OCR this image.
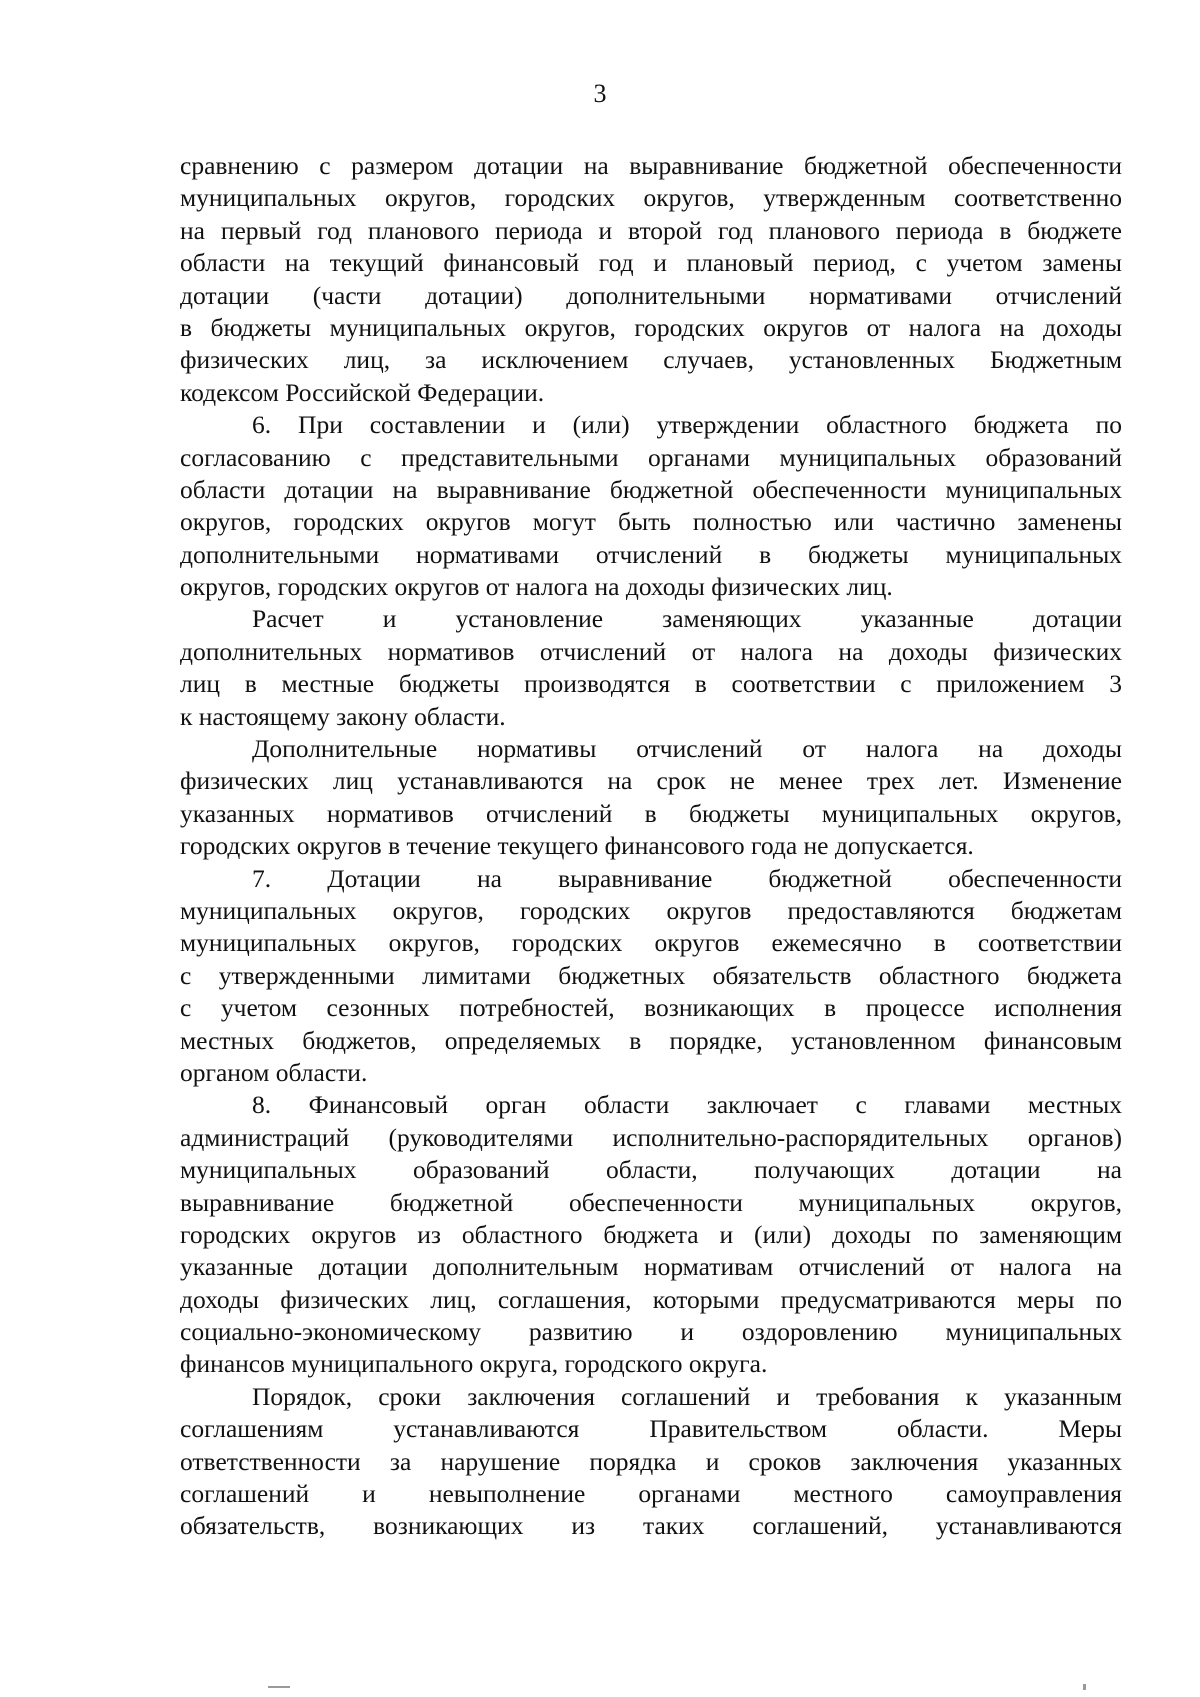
3
сравнению с размером дотации на выравнивание бюджетной обеспеченности
муниципальных округов, городских округов, утвержденным соответственно
на первый год планового периода и второй год планового периода в бюджете
области на текущий финансовый год и плановый период, с учетом замены
дотации (части дотации) дополнительными нормативами отчислений
в бюджеты муниципальных округов, городских округов от налога на доходы
физических лиц, за исключением случаев, установленных Бюджетным
кодексом Российской Федерации.
6. При составлении и (или) утверждении областного бюджета по
согласованию с представительными органами муниципальных образований
области дотации на выравнивание бюджетной обеспеченности муниципальных
округов, городских округов могут быть полностью или частично заменены
дополнительными нормативами отчислений в бюджеты муниципальных
округов, городских округов от налога на доходы физических лиц.
Расчет и установление заменяющих указанные дотации
дополнительных нормативов отчислений от налога на доходы физических
лиц в местные бюджеты производятся в соответствии с приложением 3
к настоящему закону области.
Дополнительные нормативы отчислений от налога на доходы
физических лиц устанавливаются на срок не менее трех лет. Изменение
указанных нормативов отчислений в бюджеты муниципальных округов,
городских округов в течение текущего финансового года не допускается.
7. Дотации на выравнивание бюджетной обеспеченности
муниципальных округов, городских округов предоставляются бюджетам
муниципальных округов, городских округов ежемесячно в соответствии
с утвержденными лимитами бюджетных обязательств областного бюджета
с учетом сезонных потребностей, возникающих в процессе исполнения
местных бюджетов, определяемых в порядке, установленном финансовым
органом области.
8. Финансовый орган области заключает с главами местных
администраций (руководителями исполнительно-распорядительных органов)
муниципальных образований области, получающих дотации на
выравнивание бюджетной обеспеченности муниципальных округов,
городских округов из областного бюджета и (или) доходы по заменяющим
указанные дотации дополнительным нормативам отчислений от налога на
доходы физических лиц, соглашения, которыми предусматриваются меры по
социально-экономическому развитию и оздоровлению муниципальных
финансов муниципального округа, городского округа.
Порядок, сроки заключения соглашений и требования к указанным
соглашениям устанавливаются Правительством области. Меры
ответственности за нарушение порядка и сроков заключения указанных
соглашений и невыполнение органами местного самоуправления
обязательств, возникающих из таких соглашений, устанавливаются
